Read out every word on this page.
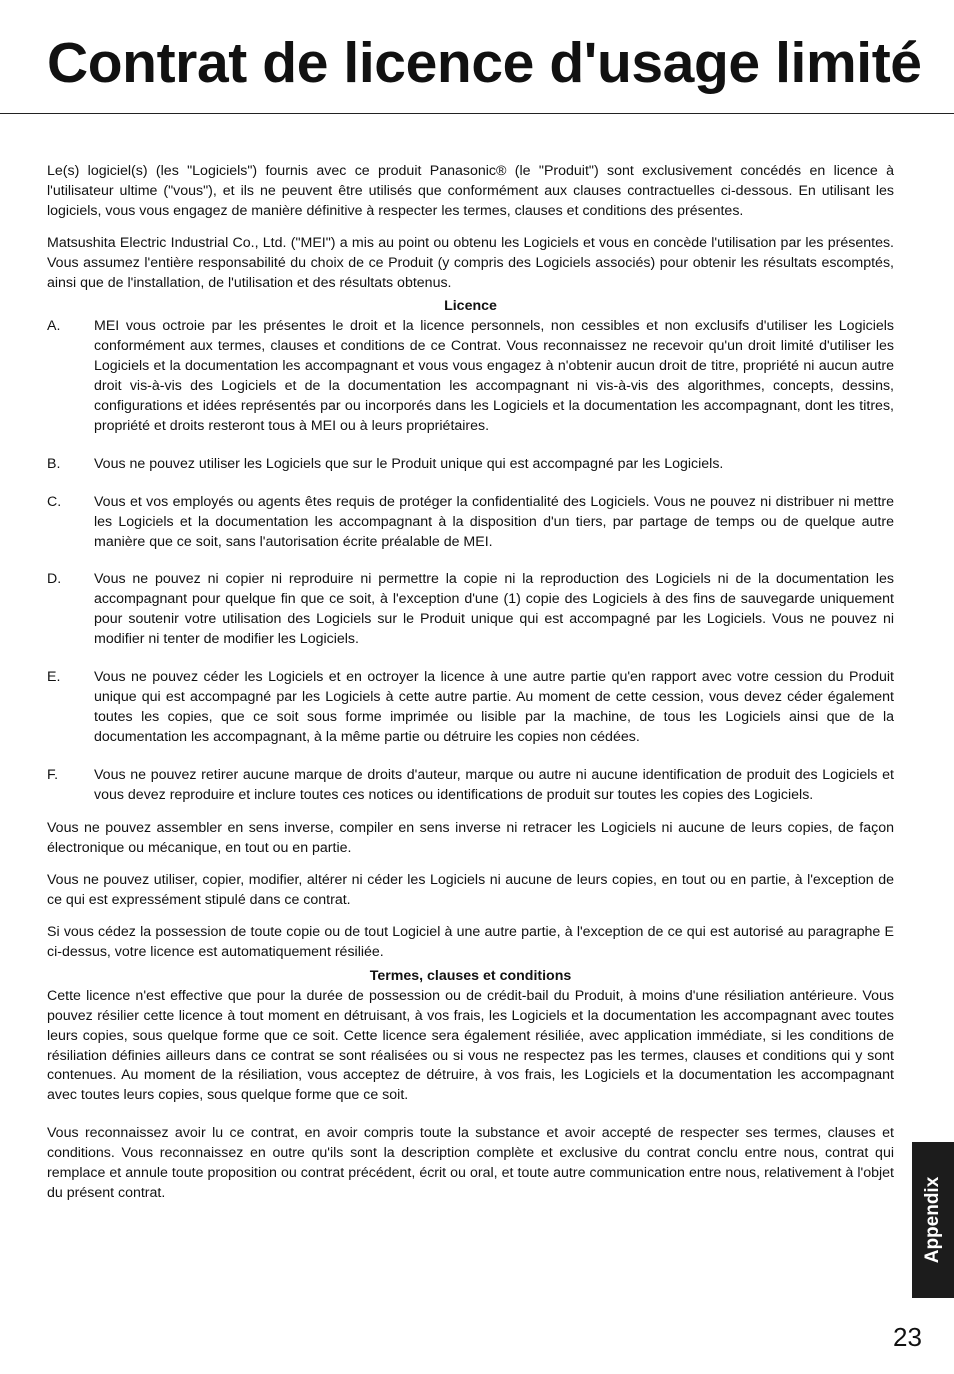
Contrat de licence d'usage limité

Le(s) logiciel(s) (les "Logiciels") fournis avec ce produit Panasonic® (le "Produit") sont exclusivement concédés en licence à l'utilisateur ultime ("vous"), et ils ne peuvent être utilisés que conformément aux clauses contractuelles ci-dessous. En utilisant les logiciels, vous vous engagez de manière définitive à respecter les termes, clauses et conditions des présentes.

Matsushita Electric Industrial Co., Ltd. ("MEI") a mis au point ou obtenu les Logiciels et vous en concède l'utilisation par les présentes. Vous assumez l'entière responsabilité du choix de ce Produit (y compris des Logiciels associés) pour obtenir les résultats escomptés, ainsi que de l'installation, de l'utilisation et des résultats obtenus.

Licence

A.	MEI vous octroie par les présentes le droit et la licence personnels, non cessibles et non exclusifs d'utiliser les Logiciels conformément aux termes, clauses et conditions de ce Contrat. Vous reconnaissez ne recevoir qu'un droit limité d'utiliser les Logiciels et la documentation les accompagnant et vous vous engagez à n'obtenir aucun droit de titre, propriété ni aucun autre droit vis-à-vis des Logiciels et de la documentation les accompagnant ni vis-à-vis des algorithmes, concepts, dessins, configurations et idées représentés par ou incorporés dans les Logiciels et la documentation les accompagnant, dont les titres, propriété et droits resteront tous à MEI ou à leurs propriétaires.
B.	Vous ne pouvez utiliser les Logiciels que sur le Produit unique qui est accompagné par les Logiciels.
C.	Vous et vos employés ou agents êtes requis de protéger la confidentialité des Logiciels. Vous ne pouvez ni distribuer ni mettre les Logiciels et la documentation les accompagnant à la disposition d'un tiers, par partage de temps ou de quelque autre manière que ce soit, sans l'autorisation écrite préalable de MEI.
D.	Vous ne pouvez ni copier ni reproduire ni permettre la copie ni la reproduction des Logiciels ni de la documentation les accompagnant pour quelque fin que ce soit, à l'exception d'une (1) copie des Logiciels à des fins de sauvegarde uniquement pour soutenir votre utilisation des Logiciels sur le Produit unique qui est accompagné par les Logiciels. Vous ne pouvez ni modifier ni tenter de modifier les Logiciels.
E.	Vous ne pouvez céder les Logiciels et en octroyer la licence à une autre partie qu'en rapport avec votre cession du Produit unique qui est accompagné par les Logiciels à cette autre partie. Au moment de cette cession, vous devez céder également toutes les copies, que ce soit sous forme imprimée ou lisible par la machine, de tous les Logiciels ainsi que de la documentation les accompagnant, à la même partie ou détruire les copies non cédées.
F.	Vous ne pouvez retirer aucune marque de droits d'auteur, marque ou autre ni aucune identification de produit des Logiciels et vous devez reproduire et inclure toutes ces notices ou identifications de produit sur toutes les copies des Logiciels.

Vous ne pouvez assembler en sens inverse, compiler en sens inverse ni retracer les Logiciels ni aucune de leurs copies, de façon électronique ou mécanique, en tout ou en partie.

Vous ne pouvez utiliser, copier, modifier, altérer ni céder les Logiciels ni aucune de leurs copies, en tout ou en partie, à l'exception de ce qui est expressément stipulé dans ce contrat.

Si vous cédez la possession de toute copie ou de tout Logiciel à une autre partie, à l'exception de ce qui est autorisé au paragraphe E ci-dessus, votre licence est automatiquement résiliée.

Termes, clauses et conditions

Cette licence n'est effective que pour la durée de possession ou de crédit-bail du Produit, à moins d'une résiliation antérieure. Vous pouvez résilier cette licence à tout moment en détruisant, à vos frais, les Logiciels et la documentation les accompagnant avec toutes leurs copies, sous quelque forme que ce soit. Cette licence sera également résiliée, avec application immédiate, si les conditions de résiliation définies ailleurs dans ce contrat se sont réalisées ou si vous ne respectez pas les termes, clauses et conditions qui y sont contenues. Au moment de la résiliation, vous acceptez de détruire, à vos frais, les Logiciels et la documentation les accompagnant avec toutes leurs copies, sous quelque forme que ce soit.

Vous reconnaissez avoir lu ce contrat, en avoir compris toute la substance et avoir accepté de respecter ses termes, clauses et conditions. Vous reconnaissez en outre qu'ils sont la description complète et exclusive du contrat conclu entre nous, contrat qui remplace et annule toute proposition ou contrat précédent, écrit ou oral, et toute autre communication entre nous, relativement à l'objet du présent contrat.	Appendix
23
